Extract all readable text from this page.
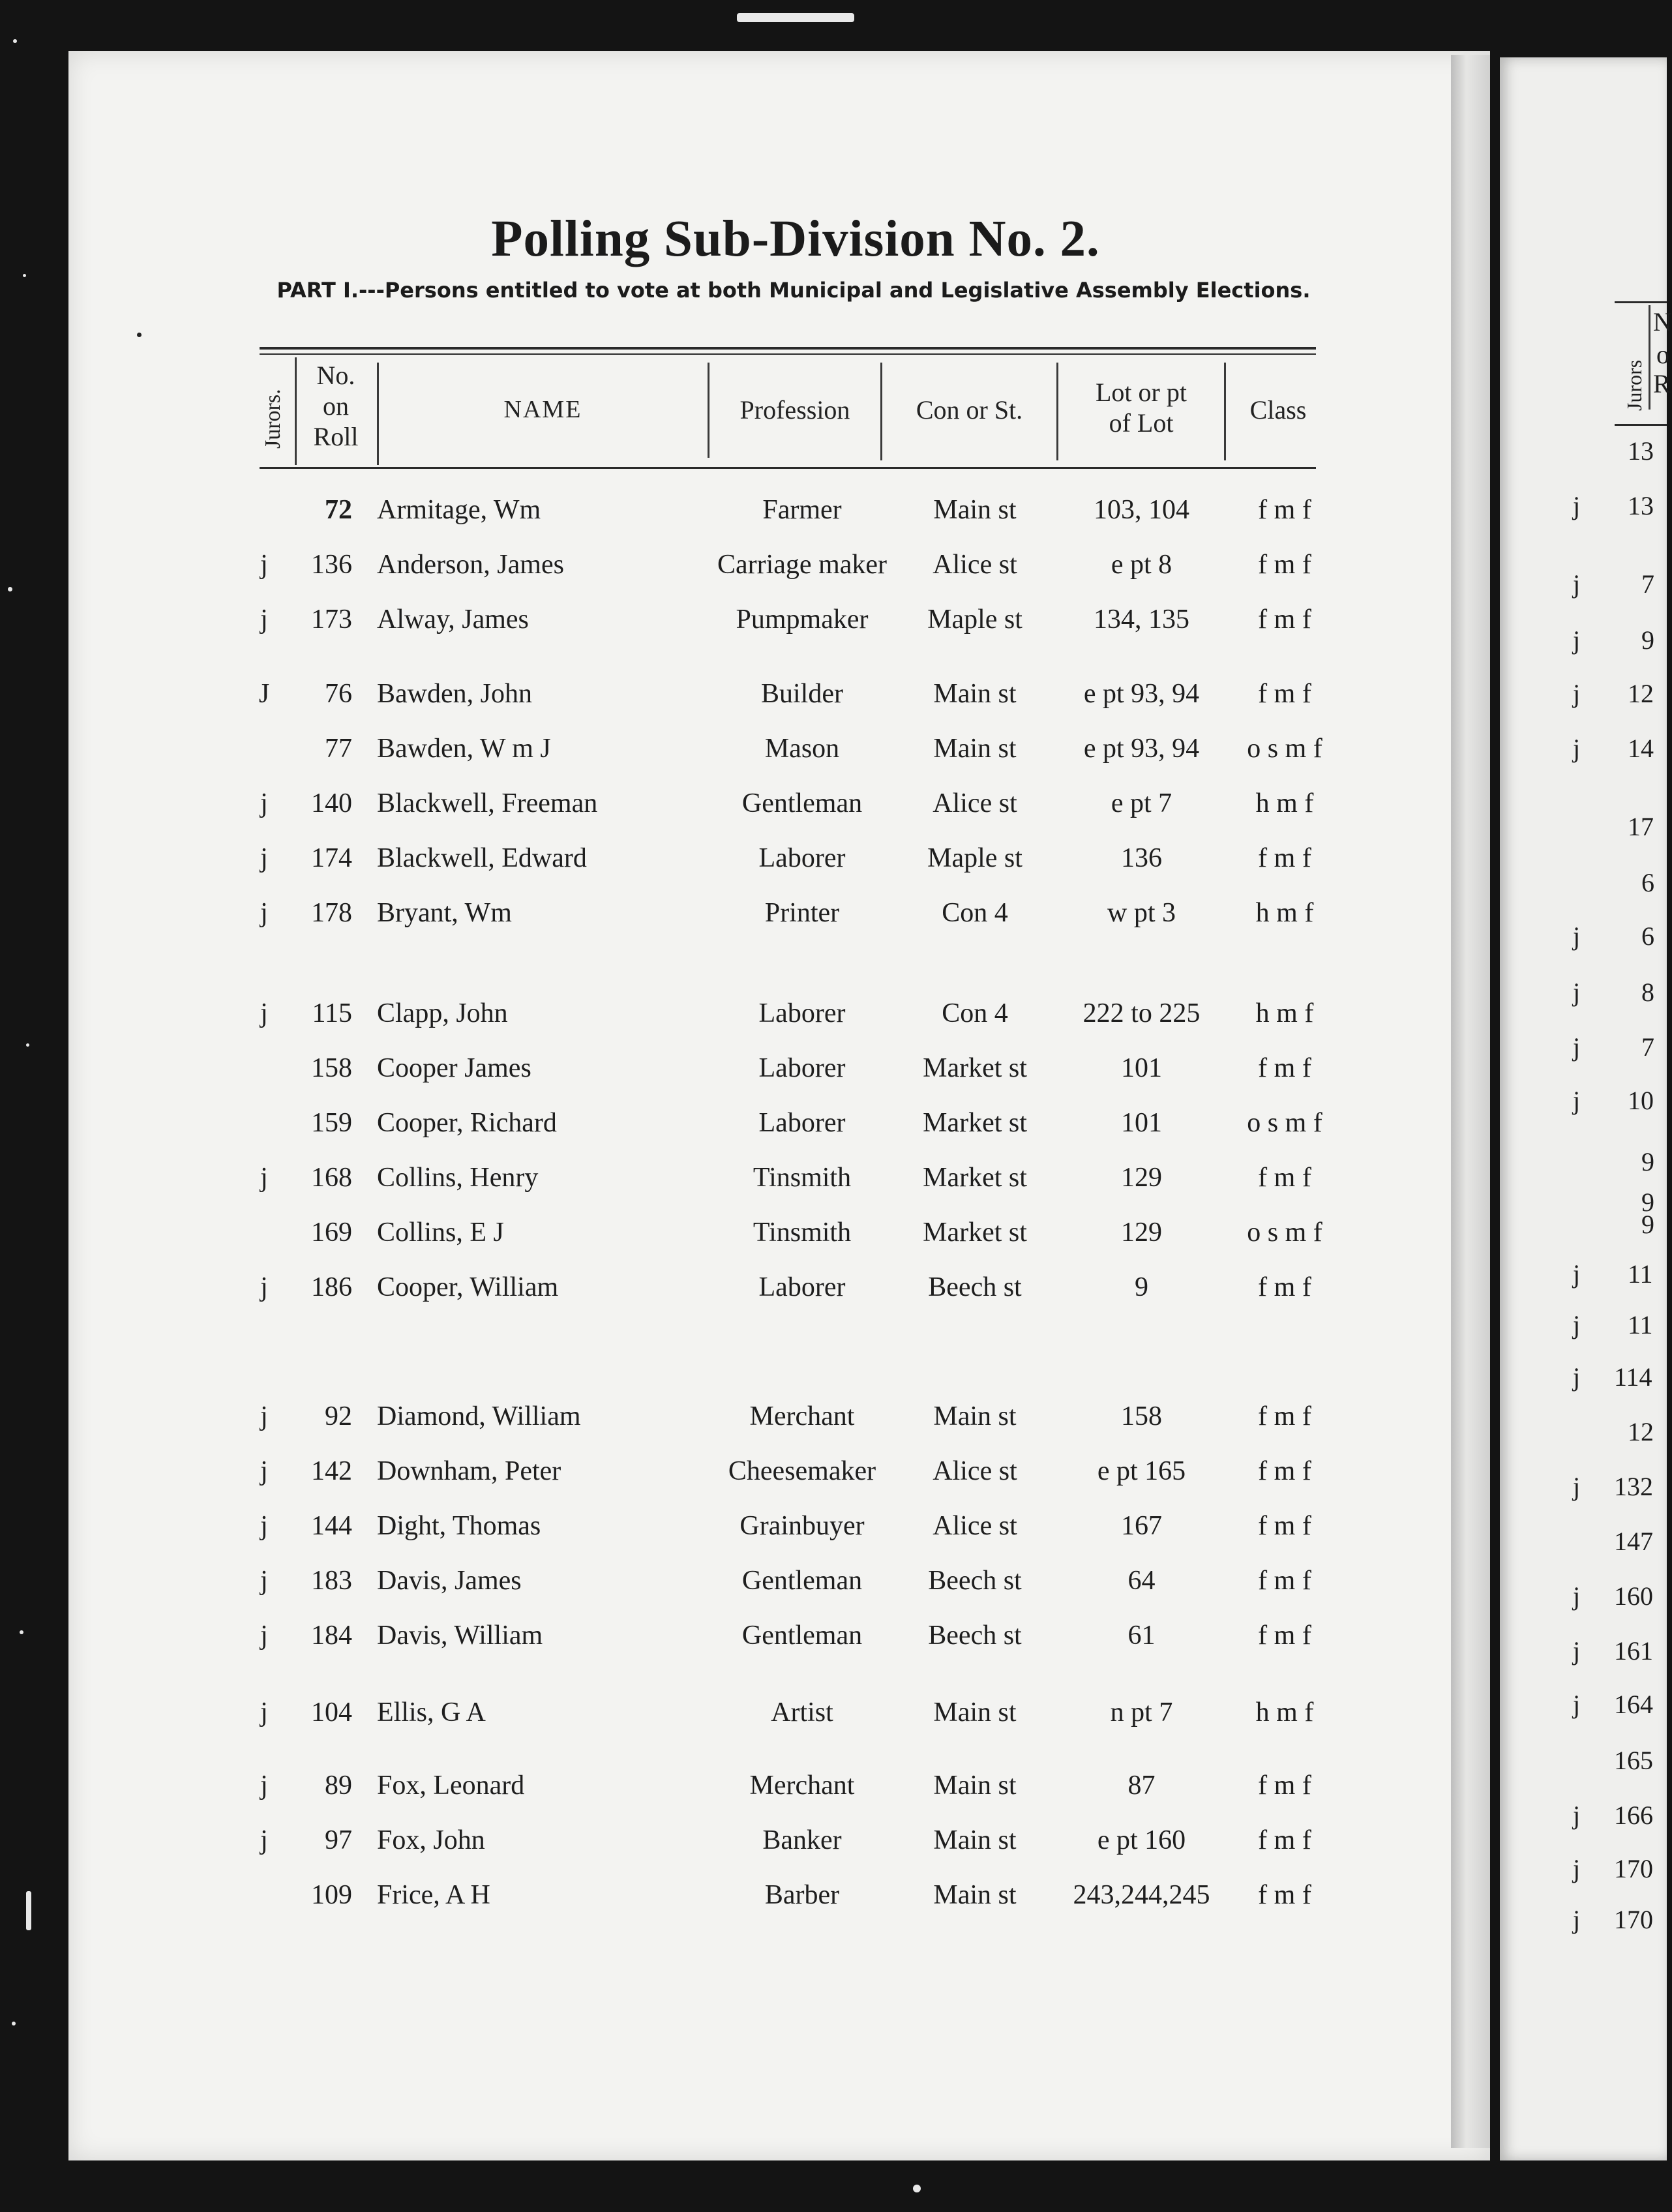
Polling Sub-Division No. 2.
PART I.---Persons entitled to vote at both Municipal and Legislative Assembly Elections.
Jurors.
No.
on
Roll
NAME	Profession	Con or St.
Lot or pt
of Lot	Class
72 Armitage, Wm	Farmer	Main st	103, 104	f m f
j	136 Anderson, James	Carriage maker	Alice st	e pt 8	f m f
j	173 Alway, James	Pumpmaker	Maple st	134, 135	f m f
J	76 Bawden, John	Builder	Main st	e pt 93, 94	f m f
77 Bawden, W m J	Mason	Main st	e pt 93, 94	o s m f
j	140 Blackwell, Freeman	Gentleman	Alice st	e pt 7	h m f
j	174 Blackwell, Edward	Laborer	Maple st	136	f m f
j	178 Bryant, Wm	Printer	Con 4	w pt 3	h m f
j	115 Clapp, John	Laborer	Con 4	222 to 225	h m f
158 Cooper James	Laborer	Market st	101	f m f
159 Cooper, Richard	Laborer	Market st	101	o s m f
j	168 Collins, Henry	Tinsmith	Market st	129	f m f
169 Collins, E J	Tinsmith	Market st	129	o s m f
j	186 Cooper, William	Laborer	Beech st	9	f m f
j	92 Diamond, William	Merchant	Main st	158	f m f
j	142 Downham, Peter	Cheesemaker	Alice st	e pt 165	f m f
j	144 Dight, Thomas	Grainbuyer	Alice st	167	f m f
j	183 Davis, James	Gentleman	Beech st	64	f m f
j	184 Davis, William	Gentleman	Beech st	61	f m f
j	104 Ellis, G A	Artist	Main st	n pt 7	h m f
j	89 Fox, Leonard	Merchant	Main st	87	f m f
j	97 Fox, John	Banker	Main st	e pt 160	f m f
109 Frice, A H	Barber	Main st	243,244,245	f m f
Jurors
N
o
R
13
j 13
j 7
j 9
j 12
j 14
17
6
j 6
j 8
j 7
j 10
9
9
9
j 11
j 11
j 114
12
j 132
147
j 160
j 161
j 164
165
j 166
j 170
j 170
